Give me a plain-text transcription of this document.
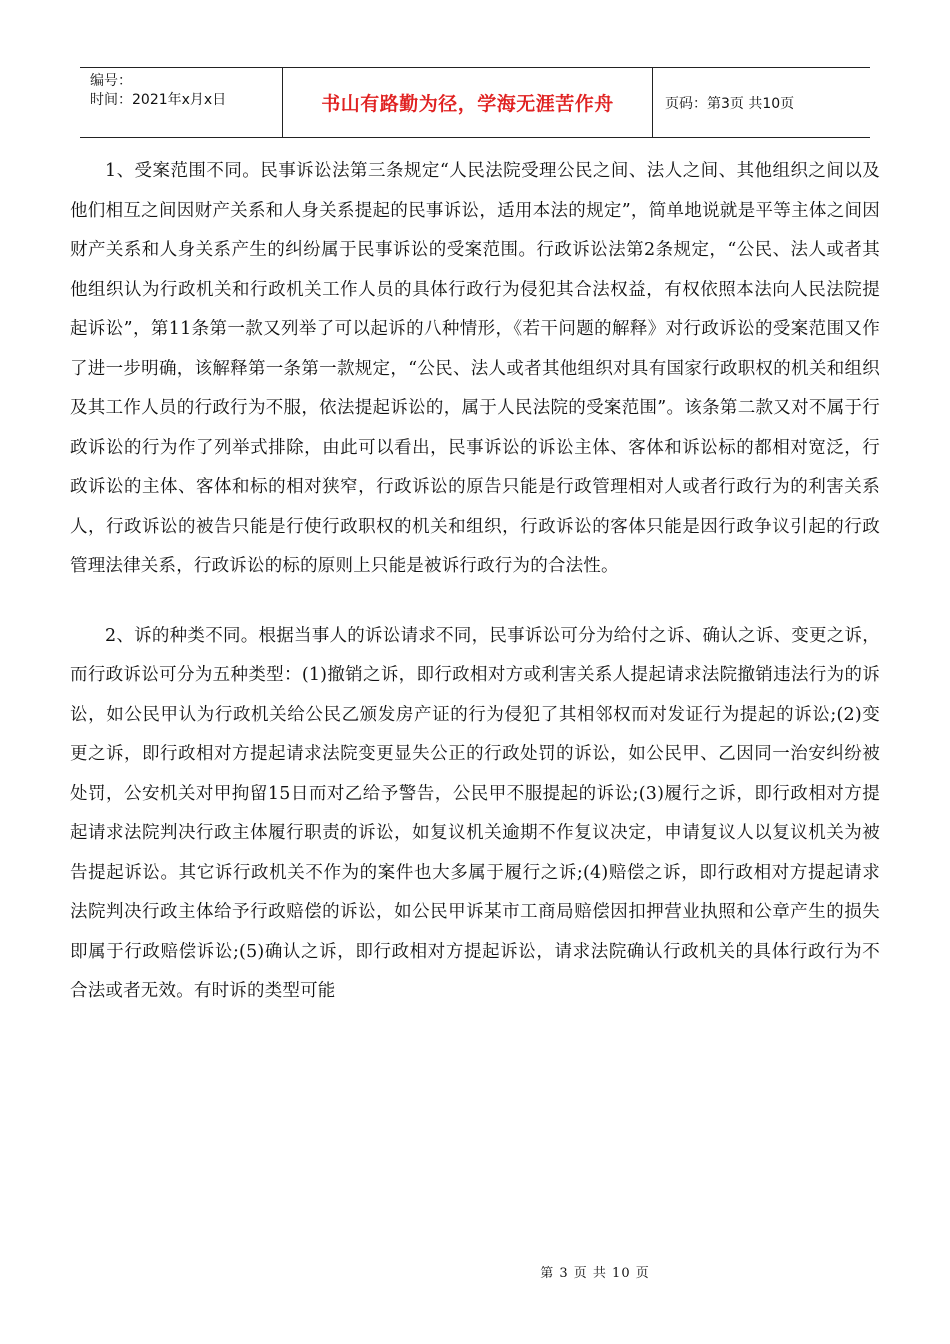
编号：
时间：2021年x月x日	书山有路勤为径，学海无涯苦作舟	页码：第3页 共10页

1、受案范围不同。民事诉讼法第三条规定“人民法院受理公民之间、法人之间、其他组织之间以及他们相互之间因财产关系和人身关系提起的民事诉讼，适用本法的规定”，简单地说就是平等主体之间因财产关系和人身关系产生的纠纷属于民事诉讼的受案范围。行政诉讼法第2条规定，“公民、法人或者其他组织认为行政机关和行政机关工作人员的具体行政行为侵犯其合法权益，有权依照本法向人民法院提起诉讼”，第11条第一款又列举了可以起诉的八种情形，《若干问题的解释》对行政诉讼的受案范围又作了进一步明确，该解释第一条第一款规定，“公民、法人或者其他组织对具有国家行政职权的机关和组织及其工作人员的行政行为不服，依法提起诉讼的，属于人民法院的受案范围”。该条第二款又对不属于行政诉讼的行为作了列举式排除，由此可以看出，民事诉讼的诉讼主体、客体和诉讼标的都相对宽泛，行政诉讼的主体、客体和标的相对狭窄，行政诉讼的原告只能是行政管理相对人或者行政行为的利害关系人，行政诉讼的被告只能是行使行政职权的机关和组织，行政诉讼的客体只能是因行政争议引起的行政管理法律关系，行政诉讼的标的原则上只能是被诉行政行为的合法性。

2、诉的种类不同。根据当事人的诉讼请求不同，民事诉讼可分为给付之诉、确认之诉、变更之诉，而行政诉讼可分为五种类型：(1)撤销之诉，即行政相对方或利害关系人提起请求法院撤销违法行为的诉讼，如公民甲认为行政机关给公民乙颁发房产证的行为侵犯了其相邻权而对发证行为提起的诉讼;(2)变更之诉，即行政相对方提起请求法院变更显失公正的行政处罚的诉讼，如公民甲、乙因同一治安纠纷被处罚，公安机关对甲拘留15日而对乙给予警告，公民甲不服提起的诉讼;(3)履行之诉，即行政相对方提起请求法院判决行政主体履行职责的诉讼，如复议机关逾期不作复议决定，申请复议人以复议机关为被告提起诉讼。其它诉行政机关不作为的案件也大多属于履行之诉;(4)赔偿之诉，即行政相对方提起请求法院判决行政主体给予行政赔偿的诉讼，如公民甲诉某市工商局赔偿因扣押营业执照和公章产生的损失即属于行政赔偿诉讼;(5)确认之诉，即行政相对方提起诉讼，请求法院确认行政机关的具体行政行为不合法或者无效。有时诉的类型可能

第 3 页 共 10 页
